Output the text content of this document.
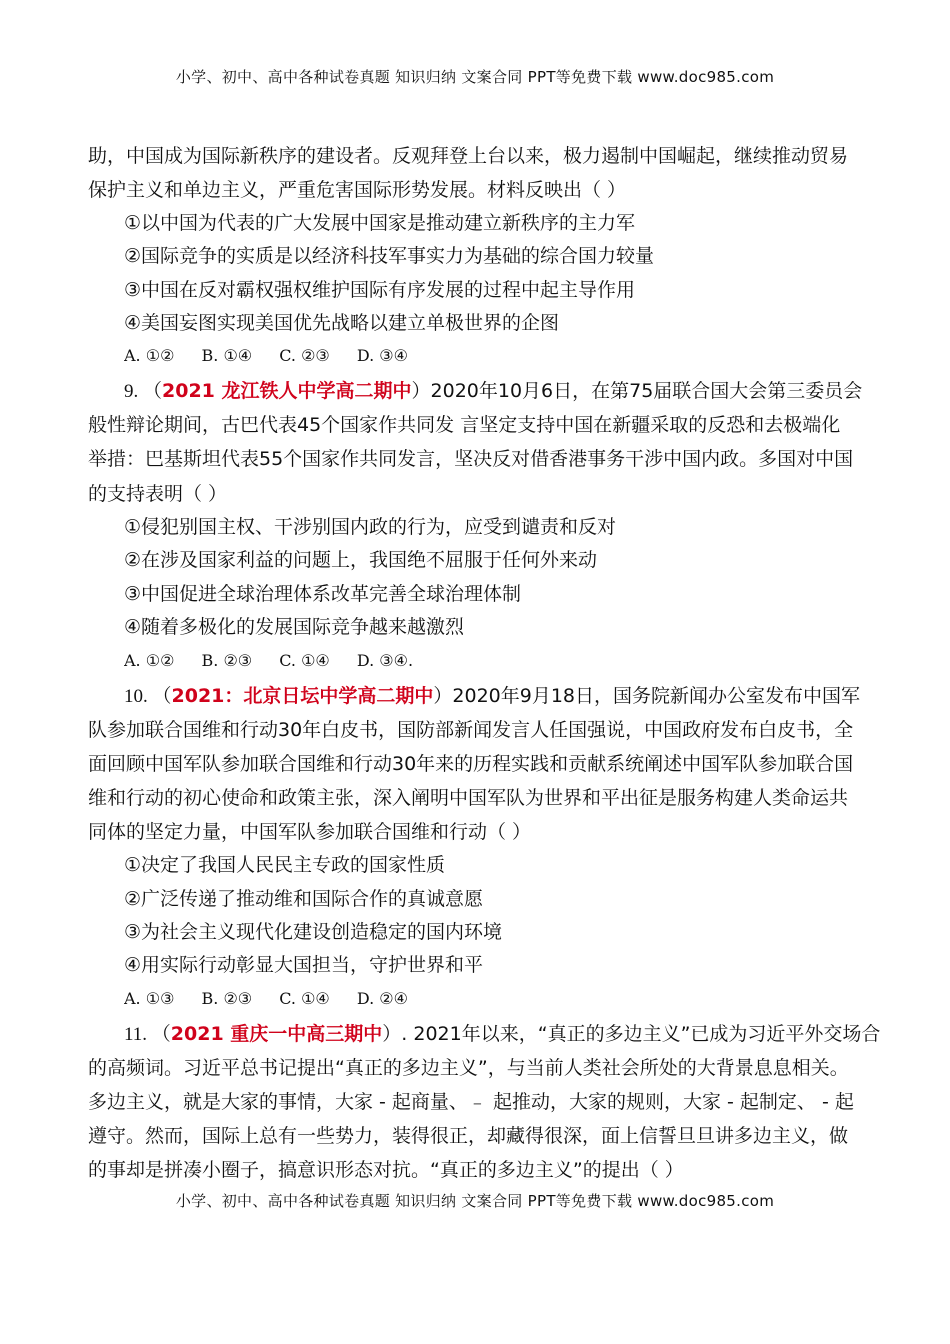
小学、初中、高中各种试卷真题 知识归纳 文案合同 PPT等免费下载 www.doc985.com
助，中国成为国际新秩序的建设者。反观拜登上台以来，极力遏制中国崛起，继续推动贸易
保护主义和单边主义，严重危害国际形势发展。材料反映出（ ）
①以中国为代表的广大发展中国家是推动建立新秩序的主力军
②国际竞争的实质是以经济科技军事实力为基础的综合国力较量
③中国在反对霸权强权维护国际有序发展的过程中起主导作用
④美国妄图实现美国优先战略以建立单极世界的企图
A. ①② B. ①④ C. ②③ D. ③④
9. （2021 龙江铁人中学高二期中）2020年10月6日，在第75届联合国大会第三委员会
般性辩论期间，古巴代表45个国家作共同发 言坚定支持中国在新疆采取的反恐和去极端化
举措：巴基斯坦代表55个国家作共同发言，坚决反对借香港事务干涉中国内政。多国对中国
的支持表明（ ）
①侵犯别国主权、干涉别国内政的行为，应受到谴责和反对
②在涉及国家利益的问题上，我国绝不屈服于任何外来动
③中国促进全球治理体系改革完善全球治理体制
④随着多极化的发展国际竞争越来越激烈
A. ①② B. ②③ C. ①④ D. ③④.
10. （2021：北京日坛中学高二期中）2020年9月18日，国务院新闻办公室发布中国军
队参加联合国维和行动30年白皮书，国防部新闻发言人任国强说，中国政府发布白皮书，全
面回顾中国军队参加联合国维和行动30年来的历程实践和贡献系统阐述中国军队参加联合国
维和行动的初心使命和政策主张，深入阐明中国军队为世界和平出征是服务构建人类命运共
同体的坚定力量，中国军队参加联合国维和行动（ ）
①决定了我国人民民主专政的国家性质
②广泛传递了推动维和国际合作的真诚意愿
③为社会主义现代化建设创造稳定的国内环境
④用实际行动彰显大国担当，守护世界和平
A. ①③ B. ②③ C. ①④ D. ②④
11. （2021 重庆一中高三期中）. 2021年以来，“真正的多边主义”已成为习近平外交场合
的高频词。习近平总书记提出“真正的多边主义”，与当前人类社会所处的大背景息息相关。
多边主义，就是大家的事情，大家 - 起商量、﹣ 起推动，大家的规则，大家 - 起制定、 - 起
遵守。然而，国际上总有一些势力，装得很正，却藏得很深，面上信誓旦旦讲多边主义，做
的事却是拼凑小圈子，搞意识形态对抗。“真正的多边主义”的提出（ ）
小学、初中、高中各种试卷真题 知识归纳 文案合同 PPT等免费下载 www.doc985.com
